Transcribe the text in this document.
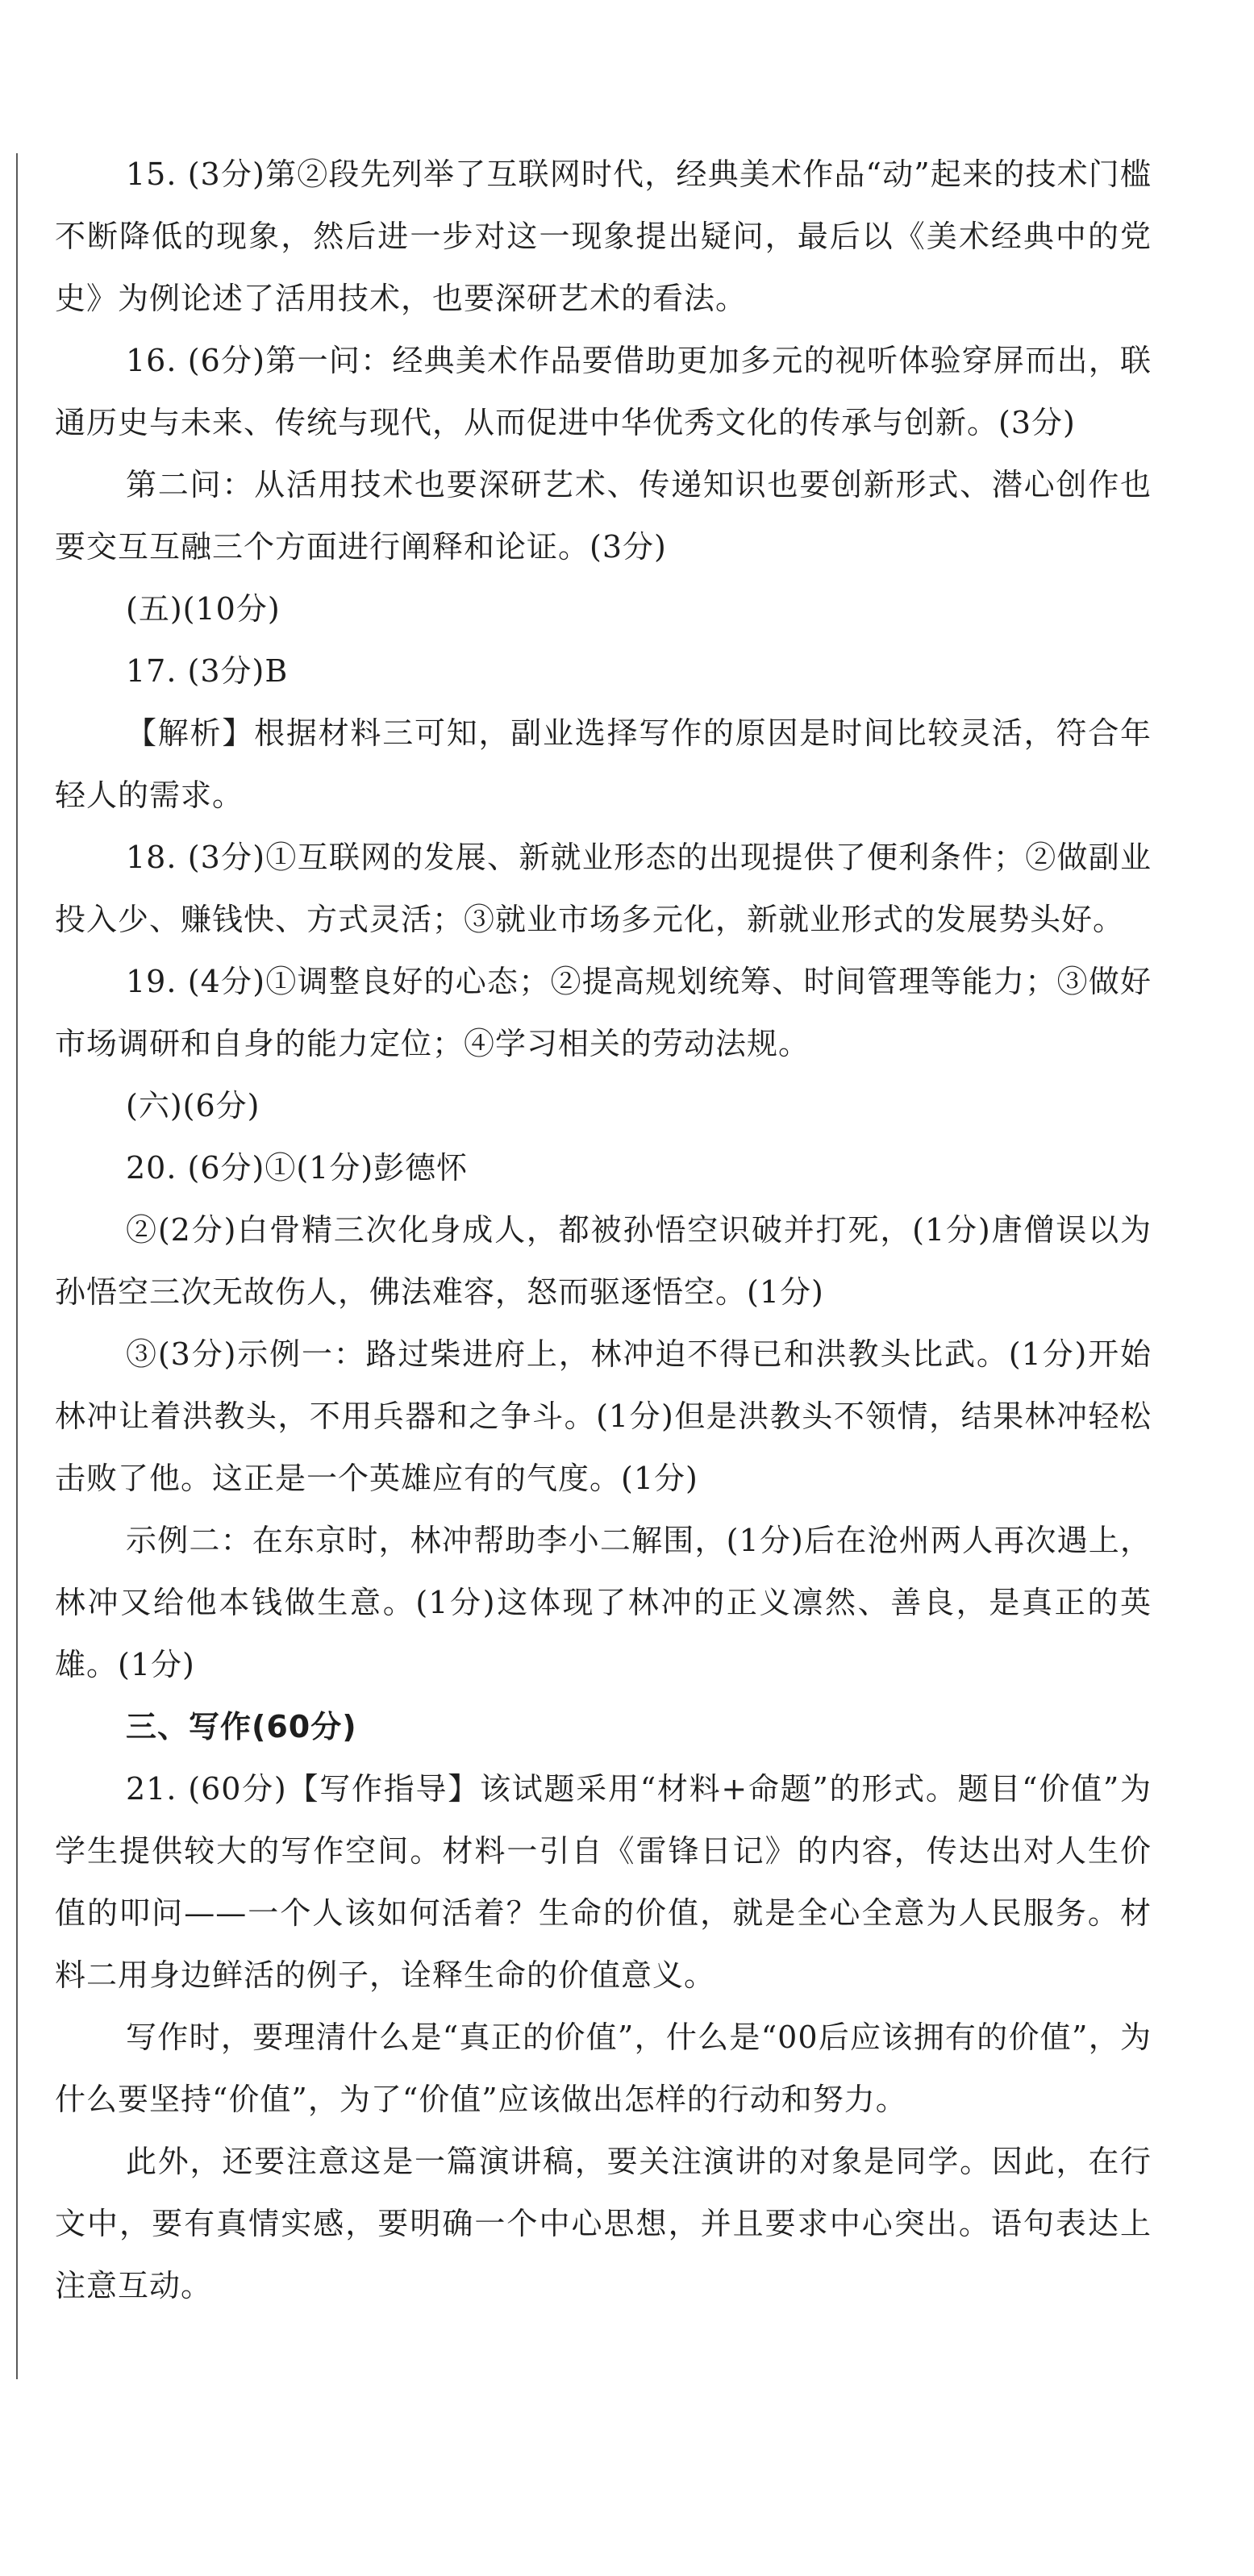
15. (3分)第②段先列举了互联网时代，经典美术作品“动”起来的技术门槛不断降低的现象，然后进一步对这一现象提出疑问，最后以《美术经典中的党史》为例论述了活用技术，也要深研艺术的看法。

16. (6分)第一问：经典美术作品要借助更加多元的视听体验穿屏而出，联通历史与未来、传统与现代，从而促进中华优秀文化的传承与创新。(3分)

第二问：从活用技术也要深研艺术、传递知识也要创新形式、潜心创作也要交互互融三个方面进行阐释和论证。(3分)

(五)(10分)

17. (3分)B

【解析】根据材料三可知，副业选择写作的原因是时间比较灵活，符合年轻人的需求。

18. (3分)①互联网的发展、新就业形态的出现提供了便利条件；②做副业投入少、赚钱快、方式灵活；③就业市场多元化，新就业形式的发展势头好。

19. (4分)①调整良好的心态；②提高规划统筹、时间管理等能力；③做好市场调研和自身的能力定位；④学习相关的劳动法规。

(六)(6分)

20. (6分)①(1分)彭德怀

②(2分)白骨精三次化身成人，都被孙悟空识破并打死，(1分)唐僧误以为孙悟空三次无故伤人，佛法难容，怒而驱逐悟空。(1分)

③(3分)示例一：路过柴进府上，林冲迫不得已和洪教头比武。(1分)开始林冲让着洪教头，不用兵器和之争斗。(1分)但是洪教头不领情，结果林冲轻松击败了他。这正是一个英雄应有的气度。(1分)

示例二：在东京时，林冲帮助李小二解围，(1分)后在沧州两人再次遇上，林冲又给他本钱做生意。(1分)这体现了林冲的正义凛然、善良，是真正的英雄。(1分)

三、写作(60分)

21. (60分)【写作指导】该试题采用“材料+命题”的形式。题目“价值”为学生提供较大的写作空间。材料一引自《雷锋日记》的内容，传达出对人生价值的叩问——一个人该如何活着？生命的价值，就是全心全意为人民服务。材料二用身边鲜活的例子，诠释生命的价值意义。

写作时，要理清什么是“真正的价值”，什么是“00后应该拥有的价值”，为什么要坚持“价值”，为了“价值”应该做出怎样的行动和努力。

此外，还要注意这是一篇演讲稿，要关注演讲的对象是同学。因此，在行文中，要有真情实感，要明确一个中心思想，并且要求中心突出。语句表达上注意互动。
